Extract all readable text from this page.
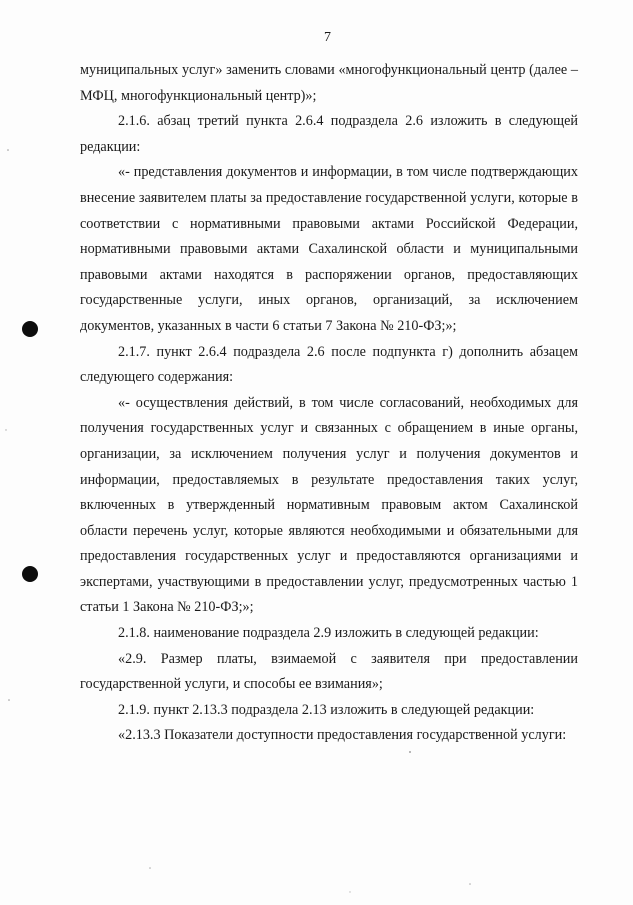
7

муниципальных услуг» заменить словами «многофункциональный центр (далее – МФЦ, многофункциональный центр)»;

2.1.6. абзац третий пункта 2.6.4 подраздела 2.6 изложить в следующей редакции:

«- представления документов и информации, в том числе подтверждающих внесение заявителем платы за предоставление государственной услуги, которые в соответствии с нормативными правовыми актами Российской Федерации, нормативными правовыми актами Сахалинской области и муниципальными правовыми актами находятся в распоряжении органов, предоставляющих государственные услуги, иных органов, организаций, за исключением документов, указанных в части 6 статьи 7 Закона № 210-ФЗ;»;

2.1.7. пункт 2.6.4 подраздела 2.6 после подпункта г) дополнить абзацем следующего содержания:

«- осуществления действий, в том числе согласований, необходимых для получения государственных услуг и связанных с обращением в иные органы, организации, за исключением получения услуг и получения документов и информации, предоставляемых в результате предоставления таких услуг, включенных в утвержденный нормативным правовым актом Сахалинской области перечень услуг, которые являются необходимыми и обязательными для предоставления государственных услуг и предоставляются организациями и экспертами, участвующими в предоставлении услуг, предусмотренных частью 1 статьи 1 Закона № 210-ФЗ;»;

2.1.8. наименование подраздела 2.9 изложить в следующей редакции:

«2.9. Размер платы, взимаемой с заявителя при предоставлении государственной услуги, и способы ее взимания»;

2.1.9. пункт 2.13.3 подраздела 2.13 изложить в следующей редакции:

«2.13.3 Показатели доступности предоставления государственной услуги:
